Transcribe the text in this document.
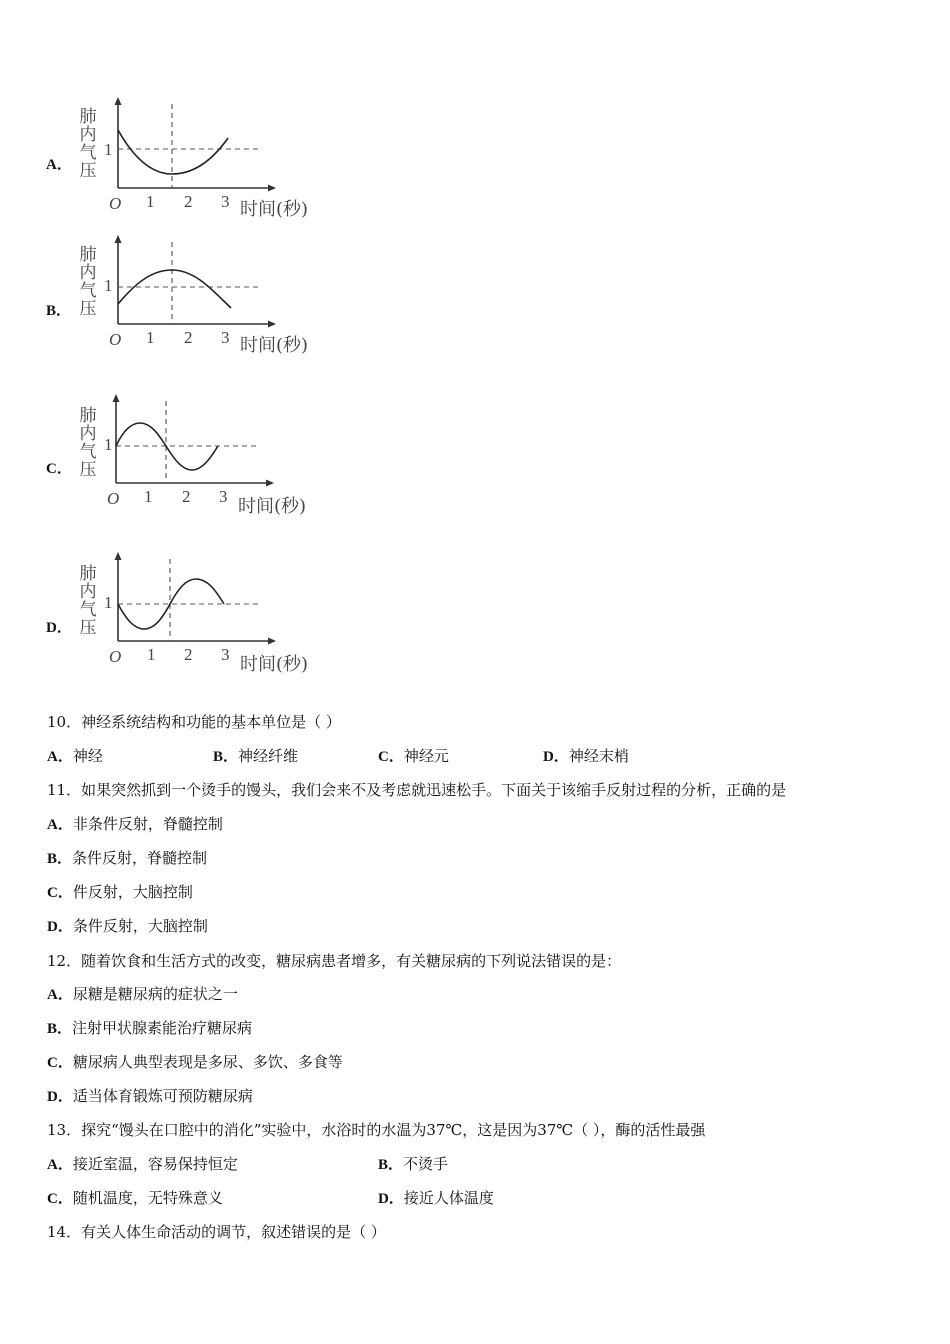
A．
肺
内
气
压
1
O 1 2 3 时间(秒)
B．
肺
内
气
压
1
O 1 2 3 时间(秒)
C．
肺
内
气
压
1
O 1 2 3 时间(秒)
D．
肺
内
气
压
1
O 1 2 3 时间(秒)
10．神经系统结构和功能的基本单位是（ ）
A．神经	B．神经纤维	C．神经元	D．神经末梢
11．如果突然抓到一个烫手的馒头，我们会来不及考虑就迅速松手。下面关于该缩手反射过程的分析，正确的是
A．非条件反射，脊髓控制
B．条件反射，脊髓控制
C．件反射，大脑控制
D．条件反射，大脑控制
12．随着饮食和生活方式的改变，糖尿病患者增多，有关糖尿病的下列说法错误的是：
A．尿糖是糖尿病的症状之一
B．注射甲状腺素能治疗糖尿病
C．糖尿病人典型表现是多尿、多饮、多食等
D．适当体育锻炼可预防糖尿病
13．探究“馒头在口腔中的消化”实验中，水浴时的水温为37℃，这是因为37℃（ ），酶的活性最强
A．接近室温，容易保持恒定	B．不烫手
C．随机温度，无特殊意义	D．接近人体温度
14．有关人体生命活动的调节，叙述错误的是（ ）
